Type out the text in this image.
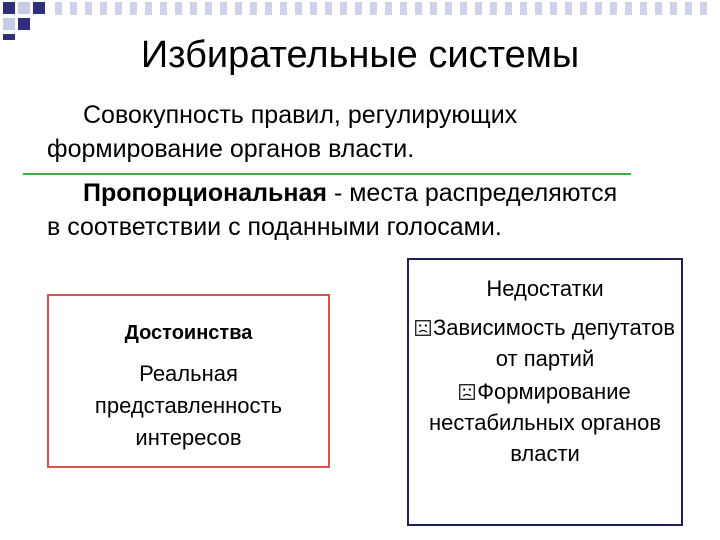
Избирательные системы
Совокупность правил, регулирующих формирование органов власти.
Пропорциональная - места распределяются в соответствии с поданными голосами.
Достоинства
Реальная представленность интересов
Недостатки
Зависимость депутатов от партий
Формирование нестабильных органов власти
